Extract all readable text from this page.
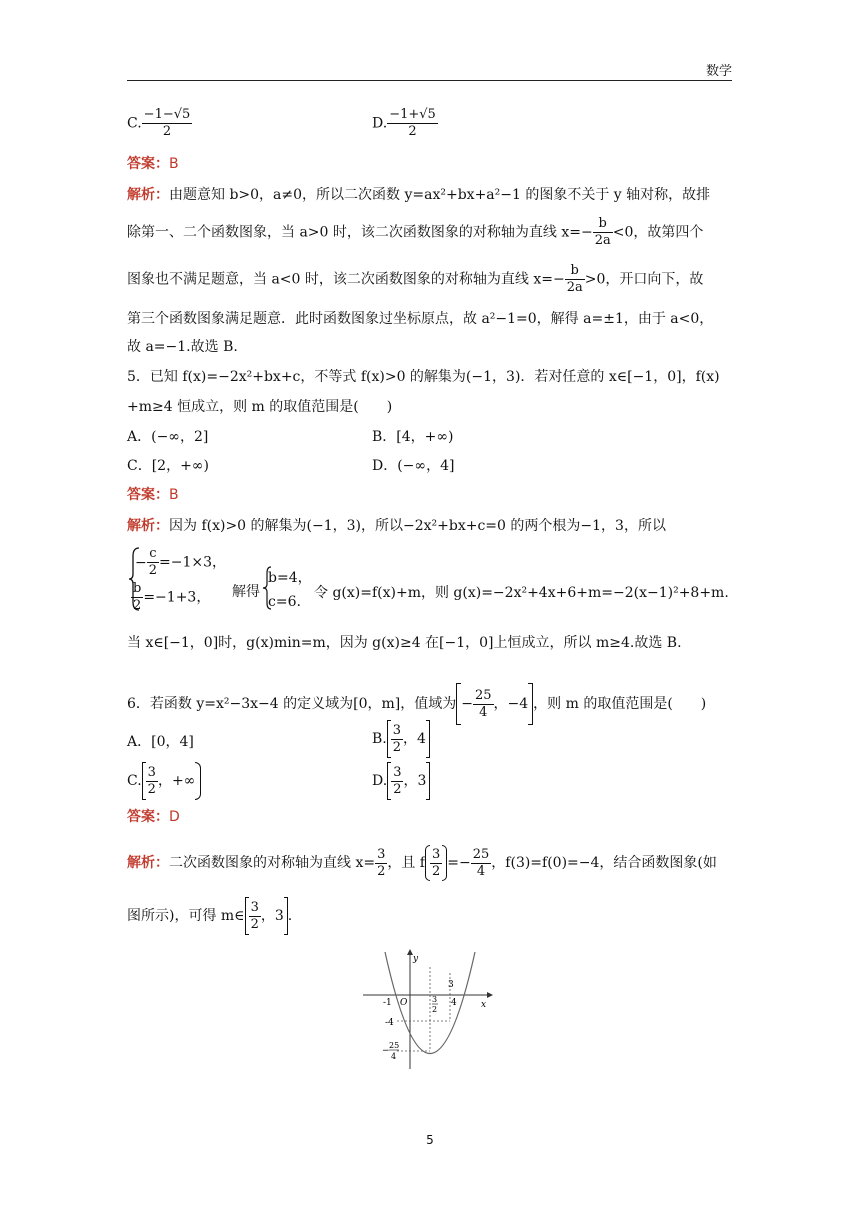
数学
C. $\frac{-1-√5}{2}$	D. $\frac{-1+√5}{2}$
答案：B
解析：由题意知 b>0，a≠0，所以二次函数 y=ax²+bx+a²−1 的图象不关于 y 轴对称，故排
除第一、二个函数图象，当 a>0 时，该二次函数图象的对称轴为直线 $x=- \frac{b}{2a} <0$，故第四个
图象也不满足题意，当 a<0 时，该二次函数图象的对称轴为直线 $x=- \frac{b}{2a} >0$，开口向下，故
第三个函数图象满足题意．此时函数图象过坐标原点，故 a²−1=0，解得 a=±1，由于 a<0，
故 a=−1.故选 B.
5．已知 f(x)=−2x²+bx+c，不等式 f(x)>0 的解集为(−1，3)．若对任意的 x∈[−1，0]，f(x)
+m≥4 恒成立，则 m 的取值范围是(　　)
A．(−∞，2]	B．[4，+∞)
C．[2，+∞)	D．(−∞，4]
答案：B
解析：因为 f(x)>0 的解集为(−1，3)，所以−2x²+bx+c=0 的两个根为−1，3，所以
− $\frac{c}{2} =-1\times 3$，
$\frac{b}{2} =-1+3$， 解得
b=4，
c=6.
令 g(x)=f(x)+m，则 g(x)=−2x²+4x+6+m=−2(x−1)²+8+m.
当 x∈[−1，0]时，g(x)min=m，因为 g(x)≥4 在[−1，0]上恒成立，所以 m≥4.故选 B.
6．若函数 y=x²−3x−4 的定义域为[0，m]，值域为 − $\frac{25}{4}$ ，−4 ，则 m 的取值范围是(　　)
A．[0，4]	B. $\frac{3}{2}$ ，4
C. $\frac{3}{2}$ ，+∞	D. $\frac{3}{2}$ ，3
答案：D
解析：二次函数图象的对称轴为直线 $x= \frac{3}{2}$ ，且 f $\frac{3}{2} =- \frac{25}{4}$ ，f(3)=f(0)=−4，结合函数图象(如
图所示)，可得 m∈ $\frac{3}{2}$ ，3 .
y
x
O
-1	4
3
3
2
-4
25
−
4
5
